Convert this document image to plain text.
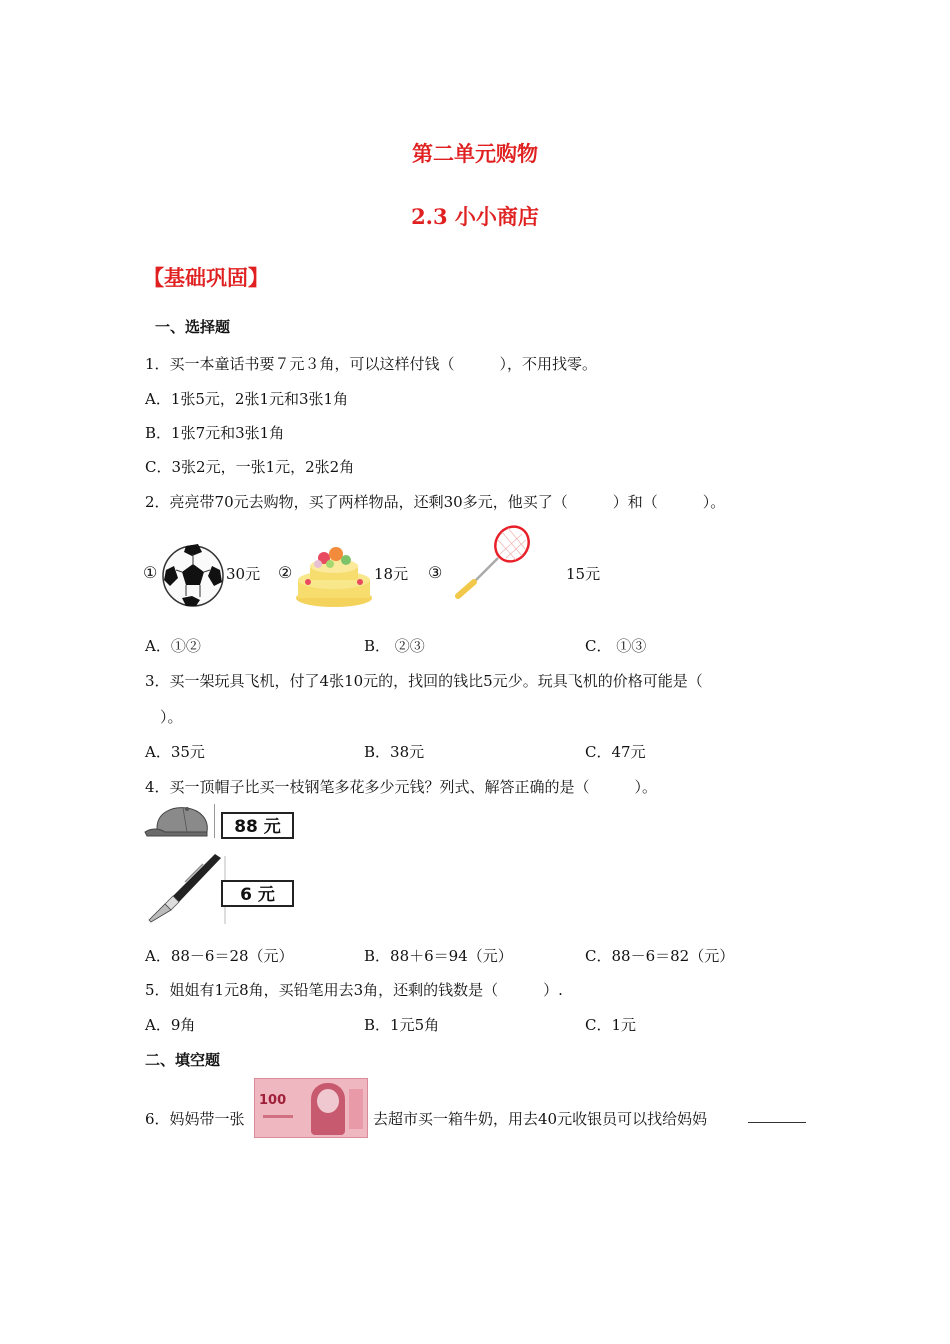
第二单元购物
2.3 小小商店
【基础巩固】
一、选择题
1．买一本童话书要７元３角，可以这样付钱（　　　），不用找零。
A．1张5元，2张1元和3张1角
B．1张7元和3张1角
C．3张2元，一张1元，2张2角
2．亮亮带70元去购物，买了两样物品，还剩30多元，他买了（　　　）和（　　　）。
①	30元 ②	18元 ③	15元
A．①②	B． ②③	C． ①③
3．买一架玩具飞机，付了4张10元的，找回的钱比5元少。玩具飞机的价格可能是（
）。
A．35元	B．38元	C．47元
4．买一顶帽子比买一枝钢笔多花多少元钱？列式、解答正确的是（　　　）。
88 元
6 元
A．88－6＝28（元）	B．88＋6＝94（元）	C．88－6＝82（元）
5．姐姐有1元8角，买铅笔用去3角，还剩的钱数是（　　　）.
A．9角	B．1元5角	C．1元
二、填空题
6．妈妈带一张
100
去超市买一箱牛奶，用去40元收银员可以找给妈妈
